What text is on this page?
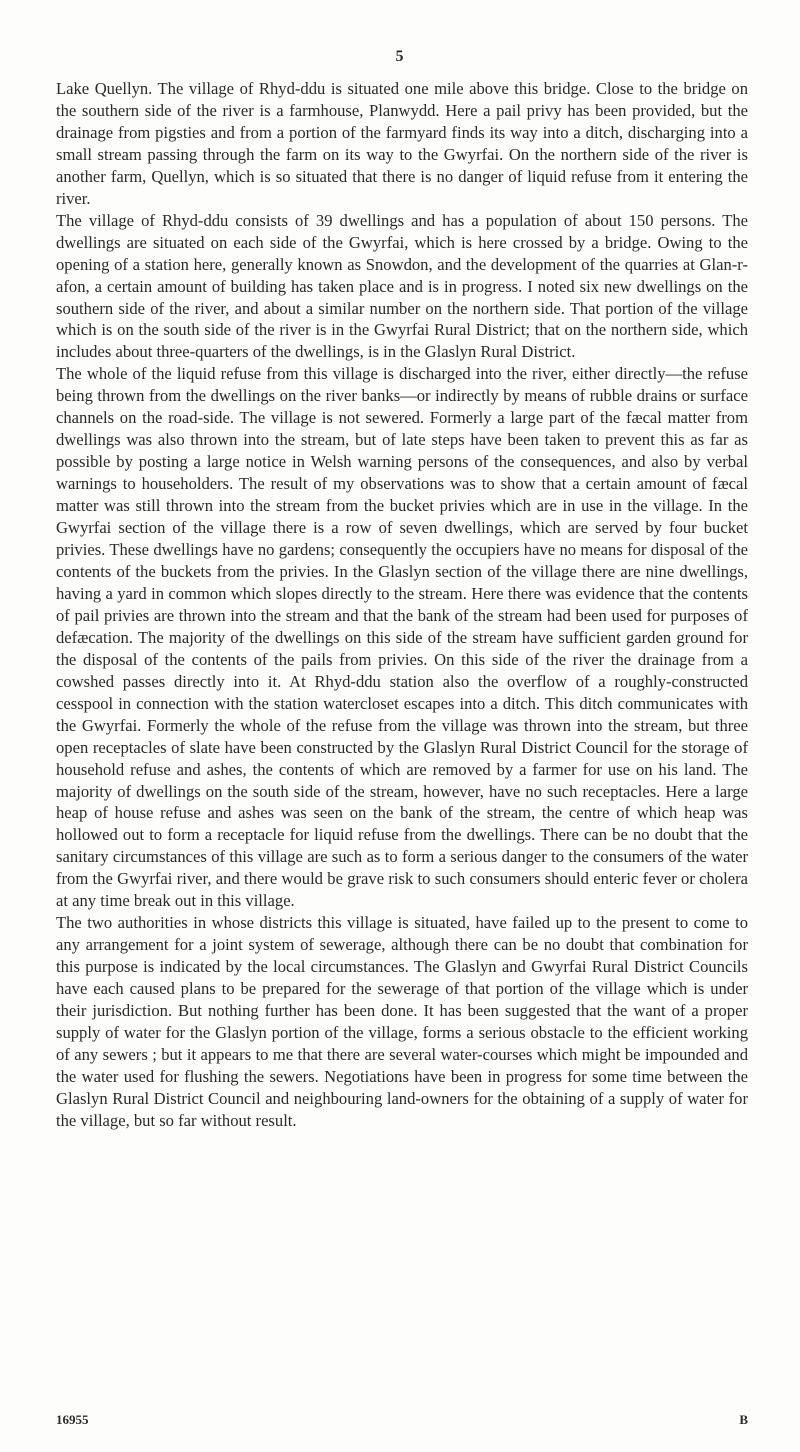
5

Lake Quellyn. The village of Rhyd-ddu is situated one mile above this bridge. Close to the bridge on the southern side of the river is a farmhouse, Planwydd. Here a pail privy has been provided, but the drainage from pigsties and from a portion of the farmyard finds its way into a ditch, discharging into a small stream passing through the farm on its way to the Gwyrfai. On the northern side of the river is another farm, Quellyn, which is so situated that there is no danger of liquid refuse from it entering the river.

The village of Rhyd-ddu consists of 39 dwellings and has a population of about 150 persons. The dwellings are situated on each side of the Gwyrfai, which is here crossed by a bridge. Owing to the opening of a station here, generally known as Snowdon, and the development of the quarries at Glan-r-afon, a certain amount of building has taken place and is in progress. I noted six new dwellings on the southern side of the river, and about a similar number on the northern side. That portion of the village which is on the south side of the river is in the Gwyrfai Rural District; that on the northern side, which includes about three-quarters of the dwellings, is in the Glaslyn Rural District.

The whole of the liquid refuse from this village is discharged into the river, either directly—the refuse being thrown from the dwellings on the river banks—or indirectly by means of rubble drains or surface channels on the road-side. The village is not sewered. Formerly a large part of the fæcal matter from dwellings was also thrown into the stream, but of late steps have been taken to prevent this as far as possible by posting a large notice in Welsh warning persons of the consequences, and also by verbal warnings to householders. The result of my observations was to show that a certain amount of fæcal matter was still thrown into the stream from the bucket privies which are in use in the village. In the Gwyrfai section of the village there is a row of seven dwellings, which are served by four bucket privies. These dwellings have no gardens; consequently the occupiers have no means for disposal of the contents of the buckets from the privies. In the Glaslyn section of the village there are nine dwellings, having a yard in common which slopes directly to the stream. Here there was evidence that the contents of pail privies are thrown into the stream and that the bank of the stream had been used for purposes of defæcation. The majority of the dwellings on this side of the stream have sufficient garden ground for the disposal of the contents of the pails from privies. On this side of the river the drainage from a cowshed passes directly into it. At Rhyd-ddu station also the overflow of a roughly-constructed cesspool in connection with the station watercloset escapes into a ditch. This ditch communicates with the Gwyrfai. Formerly the whole of the refuse from the village was thrown into the stream, but three open receptacles of slate have been constructed by the Glaslyn Rural District Council for the storage of household refuse and ashes, the contents of which are removed by a farmer for use on his land. The majority of dwellings on the south side of the stream, however, have no such receptacles. Here a large heap of house refuse and ashes was seen on the bank of the stream, the centre of which heap was hollowed out to form a receptacle for liquid refuse from the dwellings. There can be no doubt that the sanitary circumstances of this village are such as to form a serious danger to the consumers of the water from the Gwyrfai river, and there would be grave risk to such consumers should enteric fever or cholera at any time break out in this village.

The two authorities in whose districts this village is situated, have failed up to the present to come to any arrangement for a joint system of sewerage, although there can be no doubt that combination for this purpose is indicated by the local circumstances. The Glaslyn and Gwyrfai Rural District Councils have each caused plans to be prepared for the sewerage of that portion of the village which is under their jurisdiction. But nothing further has been done. It has been suggested that the want of a proper supply of water for the Glaslyn portion of the village, forms a serious obstacle to the efficient working of any sewers ; but it appears to me that there are several water-courses which might be impounded and the water used for flushing the sewers. Negotiations have been in progress for some time between the Glaslyn Rural District Council and neighbouring land-owners for the obtaining of a supply of water for the village, but so far without result.

16955	B
